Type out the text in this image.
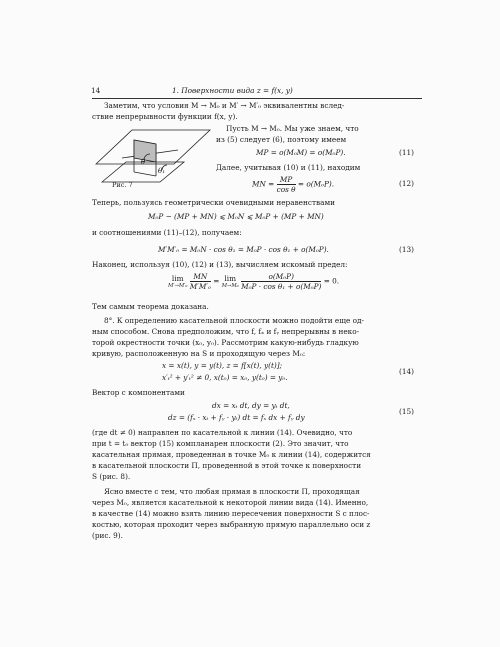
14	1. Поверхности вида z = f(x, y)
Заметим, что условия M → M₀ и M′ → M′₀ эквивалентны вслед-
ствие непрерывности функции f(x, y).
θ
θ₁
Рис. 7
Пусть M → M₀. Мы уже знаем, что
из (5) следует (6), поэтому имеем
MP = o(M₀M) = o(M₀P).	(11)
Далее, учитывая (10) и (11), находим
MN = $\frac{MP}{\text{cos θ}} = o(M_0P)$.	(12)
Теперь, пользуясь геометрически очевидными неравенствами
M₀P − (MP + MN) ⩽ M₀N ⩽ M₀P + (MP + MN)
и соотношениями (11)–(12), получаем:
M′M′₀ = M₀N · cos θ₁ = M₀P · cos θ₁ + o(M₀P).	(13)
Наконец, используя (10), (12) и (13), вычисляем искомый предел:
lim
M′→M′₀
$\frac{MN}{\text{M′M′₀}} = \lim$
M→M₀
$\frac{\text{o(M₀P)}}{\text{M₀P · cos θ₁ + o(M₀P)}} = 0$.
Тем самым теорема доказана.
8°. К определению касательной плоскости можно подойти еще од-
ным способом. Снова предположим, что f, fₓ и fᵧ непрерывны в неко-
торой окрестности точки (x₀, y₀). Рассмотрим какую-нибудь гладкую
кривую, расположенную на S и проходящую через M₀:
x = x(t), y = y(t), z = f[x(t), y(t)];
x′ₜ² + y′ₜ² ≠ 0, x(t₀) = x₀, y(t₀) = y₀.
(14)
Вектор с компонентами
dx = xₜ dt, dy = yₜ dt,
dz = (fₓ · xₜ + fᵧ · yₜ) dt = fₓ dx + fᵧ dy
(15)
(где dt ≠ 0) направлен по касательной к линии (14). Очевидно, что
при t = t₀ вектор (15) компланарен плоскости (2). Это значит, что
касательная прямая, проведенная в точке M₀ к линии (14), содержится
в касательной плоскости Π, проведенной в этой точке к поверхности
S (рис. 8).
Ясно вместе с тем, что любая прямая в плоскости Π, проходящая
через M₀, является касательной к некоторой линии вида (14). Именно,
в качестве (14) можно взять линию пересечения поверхности S с плос-
костью, которая проходит через выбранную прямую параллельно оси z
(рис. 9).
